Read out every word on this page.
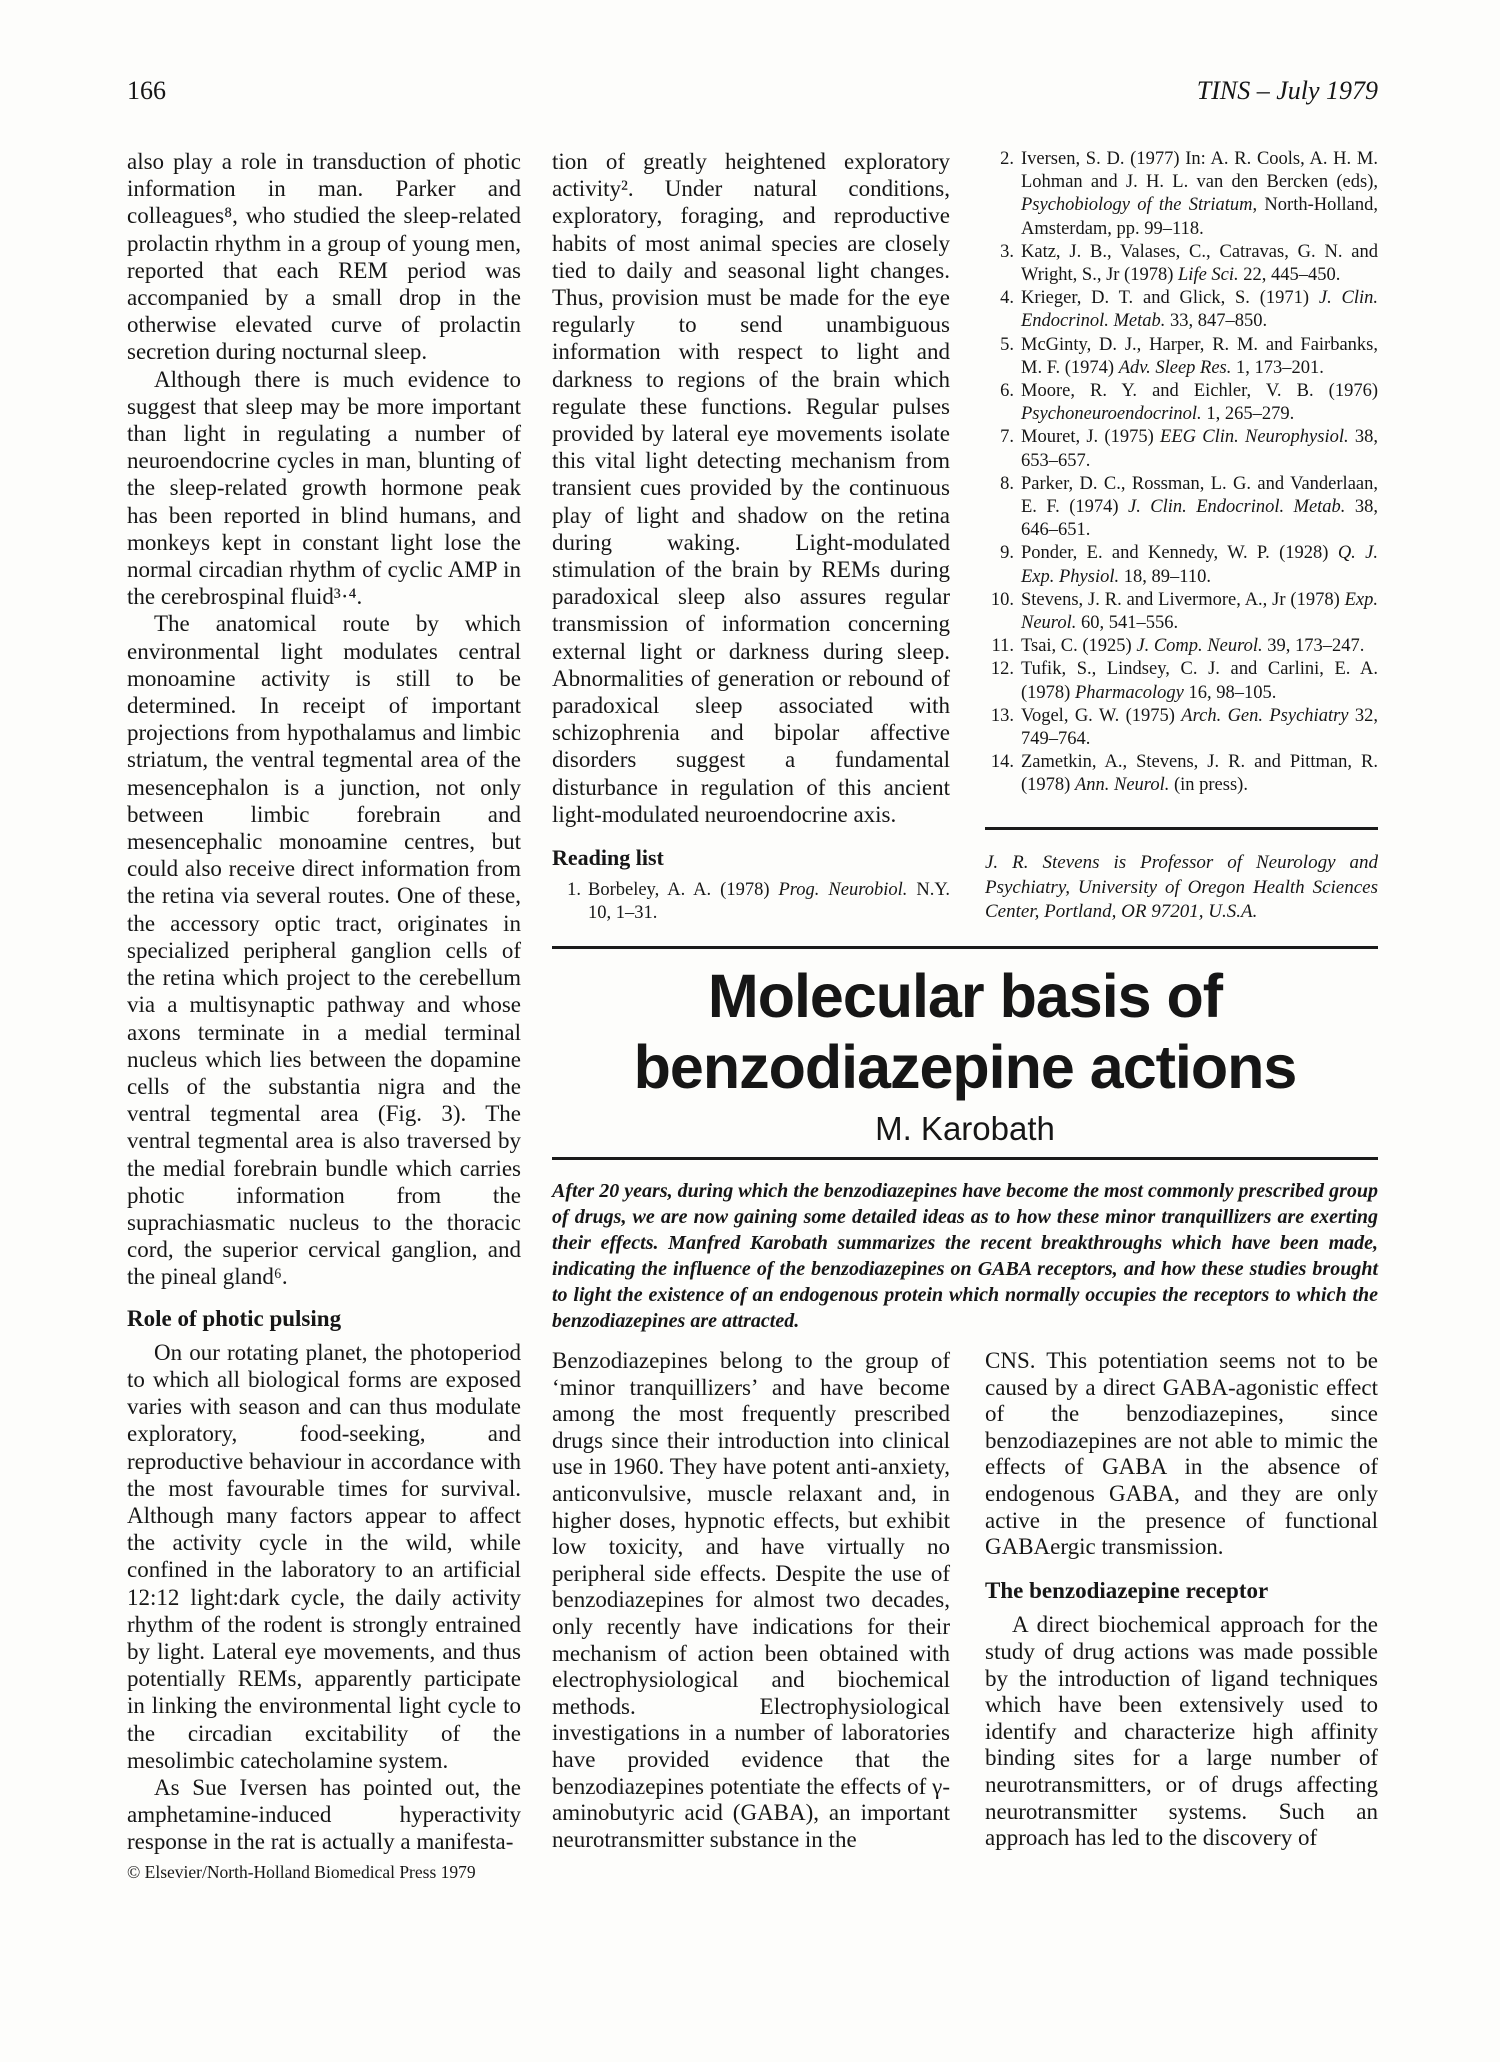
166	TINS – July 1979

also play a role in transduction of photic information in man. Parker and colleagues⁸, who studied the sleep-related prolactin rhythm in a group of young men, reported that each REM period was accompanied by a small drop in the otherwise elevated curve of prolactin secretion during nocturnal sleep.

Although there is much evidence to suggest that sleep may be more important than light in regulating a number of neuroendocrine cycles in man, blunting of the sleep-related growth hormone peak has been reported in blind humans, and monkeys kept in constant light lose the normal circadian rhythm of cyclic AMP in the cerebrospinal fluid³·⁴.

The anatomical route by which environmental light modulates central monoamine activity is still to be determined. In receipt of important projections from hypothalamus and limbic striatum, the ventral tegmental area of the mesencephalon is a junction, not only between limbic forebrain and mesencephalic monoamine centres, but could also receive direct information from the retina via several routes. One of these, the accessory optic tract, originates in specialized peripheral ganglion cells of the retina which project to the cerebellum via a multisynaptic pathway and whose axons terminate in a medial terminal nucleus which lies between the dopamine cells of the substantia nigra and the ventral tegmental area (Fig. 3). The ventral tegmental area is also traversed by the medial forebrain bundle which carries photic information from the suprachiasmatic nucleus to the thoracic cord, the superior cervical ganglion, and the pineal gland⁶.

Role of photic pulsing

On our rotating planet, the photoperiod to which all biological forms are exposed varies with season and can thus modulate exploratory, food-seeking, and reproductive behaviour in accordance with the most favourable times for survival. Although many factors appear to affect the activity cycle in the wild, while confined in the laboratory to an artificial 12:12 light:dark cycle, the daily activity rhythm of the rodent is strongly entrained by light. Lateral eye movements, and thus potentially REMs, apparently participate in linking the environmental light cycle to the circadian excitability of the mesolimbic catecholamine system.

As Sue Iversen has pointed out, the amphetamine-induced hyperactivity response in the rat is actually a manifesta-

tion of greatly heightened exploratory activity². Under natural conditions, exploratory, foraging, and reproductive habits of most animal species are closely tied to daily and seasonal light changes. Thus, provision must be made for the eye regularly to send unambiguous information with respect to light and darkness to regions of the brain which regulate these functions. Regular pulses provided by lateral eye movements isolate this vital light detecting mechanism from transient cues provided by the continuous play of light and shadow on the retina during waking. Light-modulated stimulation of the brain by REMs during paradoxical sleep also assures regular transmission of information concerning external light or darkness during sleep. Abnormalities of generation or rebound of paradoxical sleep associated with schizophrenia and bipolar affective disorders suggest a fundamental disturbance in regulation of this ancient light-modulated neuroendocrine axis.

Reading list
1. Borbeley, A. A. (1978) Prog. Neurobiol. N.Y. 10, 1–31.
2. Iversen, S. D. (1977) In: A. R. Cools, A. H. M. Lohman and J. H. L. van den Bercken (eds), Psychobiology of the Striatum, North-Holland, Amsterdam, pp. 99–118.
3. Katz, J. B., Valases, C., Catravas, G. N. and Wright, S., Jr (1978) Life Sci. 22, 445–450.
4. Krieger, D. T. and Glick, S. (1971) J. Clin. Endocrinol. Metab. 33, 847–850.
5. McGinty, D. J., Harper, R. M. and Fairbanks, M. F. (1974) Adv. Sleep Res. 1, 173–201.
6. Moore, R. Y. and Eichler, V. B. (1976) Psychoneuroendocrinol. 1, 265–279.
7. Mouret, J. (1975) EEG Clin. Neurophysiol. 38, 653–657.
8. Parker, D. C., Rossman, L. G. and Vanderlaan, E. F. (1974) J. Clin. Endocrinol. Metab. 38, 646–651.
9. Ponder, E. and Kennedy, W. P. (1928) Q. J. Exp. Physiol. 18, 89–110.
10. Stevens, J. R. and Livermore, A., Jr (1978) Exp. Neurol. 60, 541–556.
11. Tsai, C. (1925) J. Comp. Neurol. 39, 173–247.
12. Tufik, S., Lindsey, C. J. and Carlini, E. A. (1978) Pharmacology 16, 98–105.
13. Vogel, G. W. (1975) Arch. Gen. Psychiatry 32, 749–764.
14. Zametkin, A., Stevens, J. R. and Pittman, R. (1978) Ann. Neurol. (in press).

J. R. Stevens is Professor of Neurology and Psychiatry, University of Oregon Health Sciences Center, Portland, OR 97201, U.S.A.

Molecular basis of
benzodiazepine actions
M. Karobath

After 20 years, during which the benzodiazepines have become the most commonly prescribed group of drugs, we are now gaining some detailed ideas as to how these minor tranquillizers are exerting their effects. Manfred Karobath summarizes the recent breakthroughs which have been made, indicating the influence of the benzodiazepines on GABA receptors, and how these studies brought to light the existence of an endogenous protein which normally occupies the receptors to which the benzodiazepines are attracted.

Benzodiazepines belong to the group of ‘minor tranquillizers’ and have become among the most frequently prescribed drugs since their introduction into clinical use in 1960. They have potent anti-anxiety, anticonvulsive, muscle relaxant and, in higher doses, hypnotic effects, but exhibit low toxicity, and have virtually no peripheral side effects. Despite the use of benzodiazepines for almost two decades, only recently have indications for their mechanism of action been obtained with electrophysiological and biochemical methods. Electrophysiological investigations in a number of laboratories have provided evidence that the benzodiazepines potentiate the effects of γ-aminobutyric acid (GABA), an important neurotransmitter substance in the

CNS. This potentiation seems not to be caused by a direct GABA-agonistic effect of the benzodiazepines, since benzodiazepines are not able to mimic the effects of GABA in the absence of endogenous GABA, and they are only active in the presence of functional GABAergic transmission.

The benzodiazepine receptor

A direct biochemical approach for the study of drug actions was made possible by the introduction of ligand techniques which have been extensively used to identify and characterize high affinity binding sites for a large number of neurotransmitters, or of drugs affecting neurotransmitter systems. Such an approach has led to the discovery of

© Elsevier/North-Holland Biomedical Press 1979
